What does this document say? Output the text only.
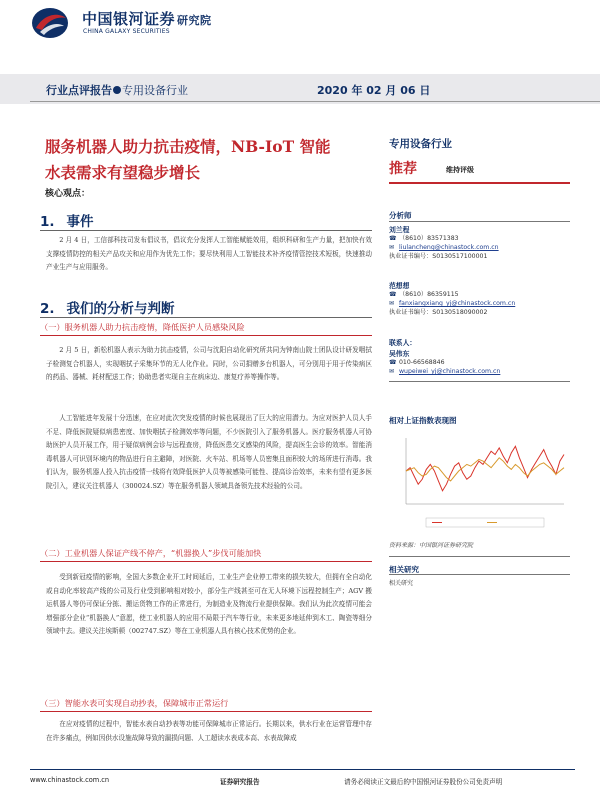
中国银河证券 研究院
CHINA GALAXY SECURITIES
行业点评报告 专用设备行业	2020 年 02 月 06 日
服务机器人助力抗击疫情，NB-IoT 智能
水表需求有望稳步增长
核心观点：
1. 事件
2 月 4 日，工信部科技司发布倡议书，倡议充分发挥人工智能赋能效用，组织科研和生产力量，把加快有效支撑疫情防控的相关产品攻关和应用作为优先工作；要尽快利用人工智能技术补齐疫情管控技术短板，快速推动产业生产与应用服务。
2. 我们的分析与判断
（一）服务机器人助力抗击疫情，降低医护人员感染风险
2 月 5 日，新松机器人表示为助力抗击疫情，公司与沈阳自动化研究所共同为钟南山院士团队设计研发咽拭子检测复合机器人，实现咽拭子采集环节的无人化作业。同时，公司捐赠多台机器人，可分别用于用于传染病区的药品、器械、耗材配送工作；协助患者实现自主在病床边、康复疗养等操作等。
人工智能进年发展十分迅速，在应对此次突发疫情的时候也展现出了巨大的应用潜力。为应对医护人员人手不足、降低医院疑似病患密度、加快咽拭子检测效率等问题，不少医院引入了服务机器人。医疗服务机器人可协助医护人员开展工作，用于疑似病例会诊与远程查房，降低医患交叉感染的风险，提高医生会诊的效率。智能消毒机器人可识别环境内的物品进行自主避障，对医院、火车站、机场等人员密集且面积较大的场所进行消毒。我们认为，服务机器人投入抗击疫情一线将有效降低医护人员等被感染可能性、提高诊治效率，未来有望有更多医院引入，建议关注机器人（300024.SZ）等在服务机器人领域具备领先技术经验的公司。
（二）工业机器人保证产线不停产，“机器换人”步伐可能加快
受到新冠疫情的影响，全国大多数企业开工时间延后，工业生产企业停工带来的损失较大，但拥有全自动化或自动化率较高产线的公司及行业受到影响相对较小，部分生产线甚至可在无人环境下远程控制生产；AGV 搬运机器人等仍可保证分拣、搬运货物工作的正常进行，为制造业及物流行业提供保障。我们认为此次疫情可能会增强部分企业“机器换人”意愿，使工业机器人的应用不局限于汽车等行业，未来更多地延伸到木工、陶瓷等细分领域中去。建议关注埃斯顿（002747.SZ）等在工业机器人具有核心技术优势的企业。
（三）智能水表可实现自动抄表，保障城市正常运行
在应对疫情的过程中，智能水表自动抄表等功能可保障城市正常运行。长期以来，供水行业在运营管理中存在许多痛点，例如因供水设施故障导致的漏损问题、人工超读水表成本高、水表故障成
专用设备行业
推荐	维持评级
分析师
刘兰程
☎ （8610）83571383
✉ liulancheng@chinastock.com.cn
执业证书编号：S0130517100001
范想想
☎ （8610）86359115
✉ fanxiangxiang_yj@chinastock.com.cn
执业证书编号：S0130518090002
联系人：
吴伟东
☎ 010-66568846
✉ wupeiwei_yj@chinastock.com.cn
相对上证指数表现图
资料来源：中国银河证券研究院
相关研究
相关研究
www.chinastock.com.cn	证券研究报告	请务必阅读正文最后的中国银河证券股份公司免责声明
